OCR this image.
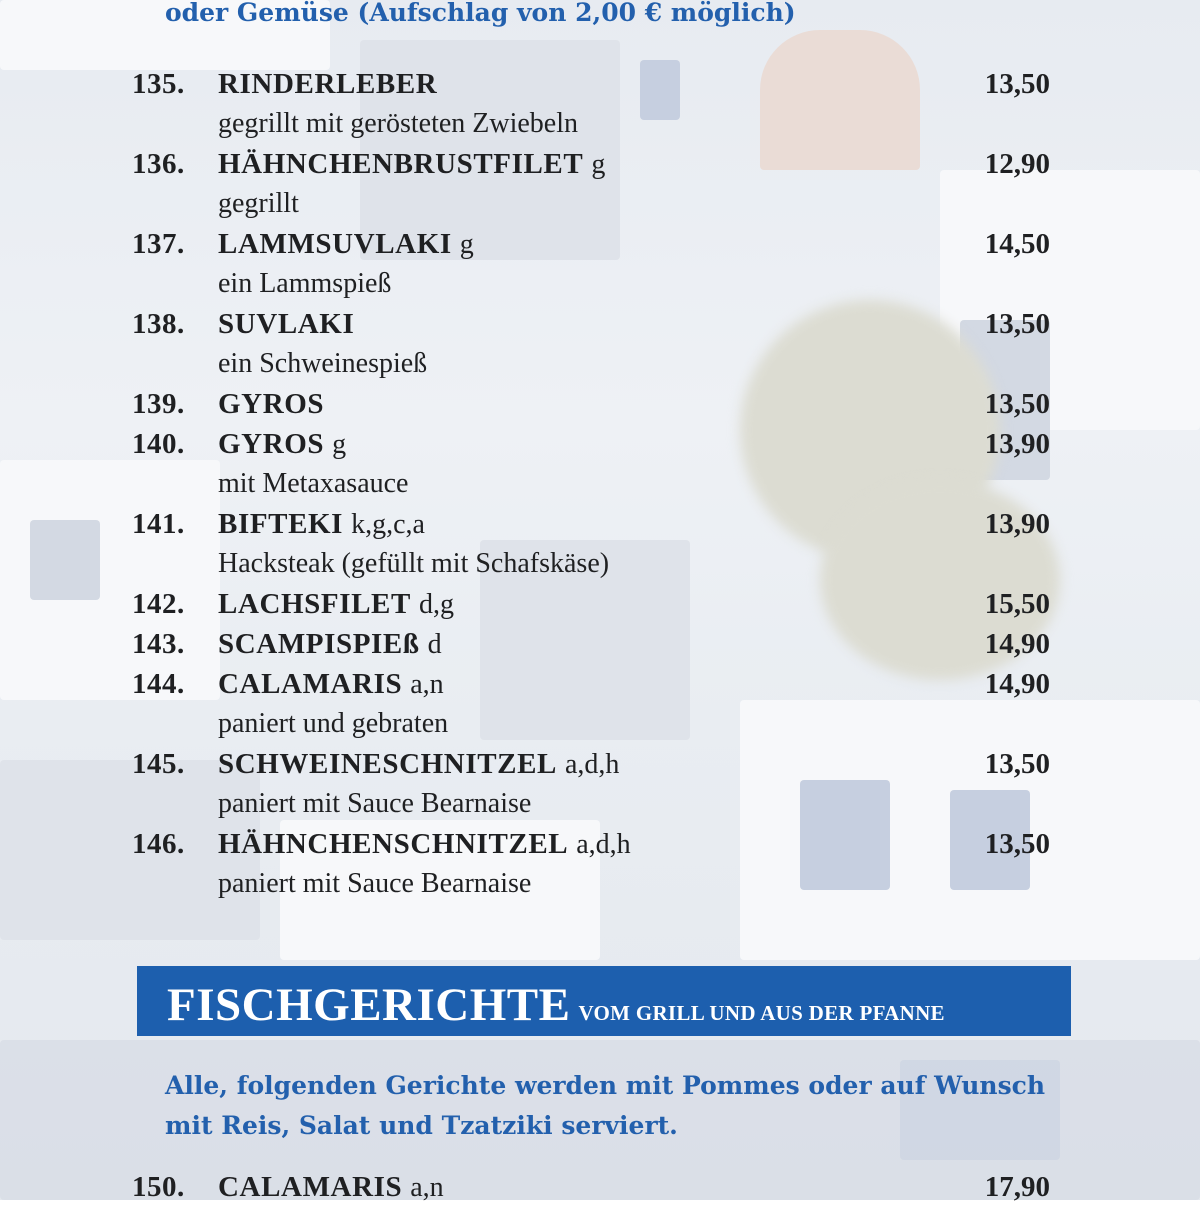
oder Gemüse (Aufschlag von 2,00 € möglich)

135. RINDERLEBER	13,50
gegrillt mit gerösteten Zwiebeln
136. HÄHNCHENBRUSTFILET g	12,90
gegrillt
137. LAMMSUVLAKI g	14,50
ein Lammspieß
138. SUVLAKI	13,50
ein Schweinespieß
139. GYROS	13,50
140. GYROS g	13,90
mit Metaxasauce
141. BIFTEKI k,g,c,a	13,90
Hacksteak (gefüllt mit Schafskäse)
142. LACHSFILET d,g	15,50
143. SCAMPISPIEß d	14,90
144. CALAMARIS a,n	14,90
paniert und gebraten
145. SCHWEINESCHNITZEL a,d,h	13,50
paniert mit Sauce Bearnaise
146. HÄHNCHENSCHNITZEL a,d,h	13,50
paniert mit Sauce Bearnaise
FISCHGERICHTE VOM GRILL UND AUS DER PFANNE

Alle, folgenden Gerichte werden mit Pommes oder auf Wunsch
mit Reis, Salat und Tzatziki serviert.

150. CALAMARIS a,n	17,90
